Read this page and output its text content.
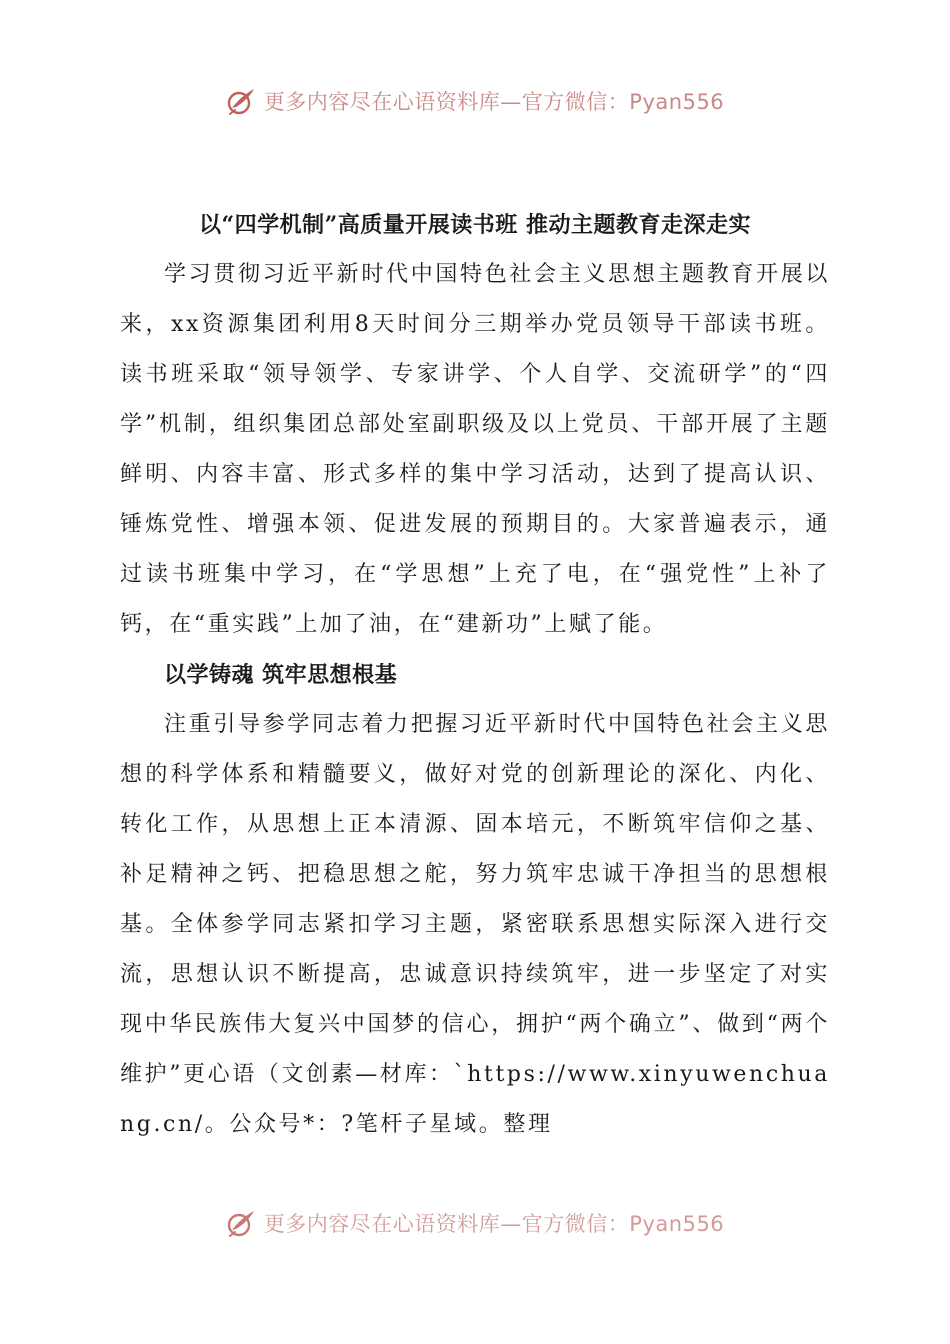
更多内容尽在心语资料库—官方微信：Pyan556
以“四学机制”高质量开展读书班 推动主题教育走深走实

学习贯彻习近平新时代中国特色社会主义思想主题教育开展以来，xx资源集团利用8天时间分三期举办党员领导干部读书班。读书班采取“领导领学、专家讲学、个人自学、交流研学”的“四学”机制，组织集团总部处室副职级及以上党员、干部开展了主题鲜明、内容丰富、形式多样的集中学习活动，达到了提高认识、锤炼党性、增强本领、促进发展的预期目的。大家普遍表示，通过读书班集中学习，在“学思想”上充了电，在“强党性”上补了钙，在“重实践”上加了油，在“建新功”上赋了能。

以学铸魂 筑牢思想根基

注重引导参学同志着力把握习近平新时代中国特色社会主义思想的科学体系和精髓要义，做好对党的创新理论的深化、内化、转化工作，从思想上正本清源、固本培元，不断筑牢信仰之基、补足精神之钙、把稳思想之舵，努力筑牢忠诚干净担当的思想根基。全体参学同志紧扣学习主题，紧密联系思想实际深入进行交流，思想认识不断提高，忠诚意识持续筑牢，进一步坚定了对实现中华民族伟大复兴中国梦的信心，拥护“两个确立”、做到“两个维护”更心语（文创素—材库：`https://www.xinyuwenchuang.cn/。公众号*：?笔杆子星域。整理

更多内容尽在心语资料库—官方微信：Pyan556
